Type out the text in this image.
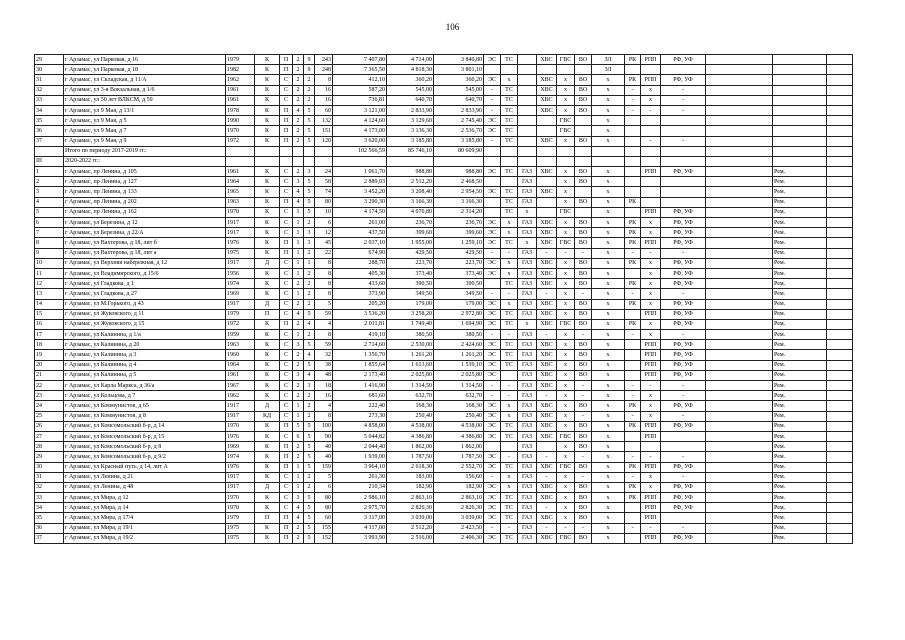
106
29	г Арзамас, ул Парковая, д 16	1979	К	П	2	9	243	7 407,80	4 714,00	3 840,80	ЭС	ТС		ХВС	ГВС	ВО	ЗЛ	РК	РПП	РФ, УФ			
30	г Арзамас, ул Парковая, д 18	1982	К	П	2	9	248	7 365,50	4 818,30	3 801,10							ЗЛ						
31	г Арзамас, ул Складская, д 11/А	1962	К	С	2	2	8	412,10	360,20	360,20	ЭС	х		ХВС	х	ВО	х	РК	РПП	РФ, УФ			
32	г Арзамас, ул 3-я Вокзальная, д 1/6	1961	К	С	2	2	16	587,20	545,00	545,00	-	ТС		ХВС	х	ВО	х	-	х	-			
33	г Арзамас, ул 50 лет ВЛКСМ, д 59	1961	К	С	2	2	16	736,81	640,70	640,70	-	ТС		ХВС	х	ВО	х	-	х	-			
34	г Арзамас, ул 9 Мая, д 13/1	1978	К	П	4	5	60	3 121,00	2 833,90	2 833,90	-	ТС		ХВС	х	ВО	х	-	-	-			
35	г Арзамас, ул 9 Мая, д 5	1990	К	П	2	5	132	4 124,60	3 129,60	2 745,40	ЭС	ТС			ГВС		х						
36	г Арзамас, ул 9 Мая, д 7	1970	К	П	2	5	151	4 173,00	3 136,30	2 536,70	ЭС	ТС			ГВС		х						
37	г Арзамас, ул 9 Мая, д 9	1972	К	П	2	5	120	3 620,00	3 185,80	3 185,80	-	ТС		ХВС	х	ВО	х		-	-			
	Итого по периоду 2017-2019 гг.:							102 566,59	85 746,10	80 609,90													
III	2020-2022 гг.:																						
1	г Арзамас, пр Ленина, д 105	1961	К	С	2	3	24	1 061,70	988,80	988,80	ЭС	ТС	ГАЗ	ХВС	х	ВО	х		РПП	РФ, УФ		Рем.	
2	г Арзамас, пр Ленина, д 127	1964	К	С	3	5	58	2 889,03	2 512,20	2 468,50			ГАЗ		х	ВО	х					Рем.	
3	г Арзамас, пр Ленина, д 133	1965	К	С	4	5	74	3 452,20	3 208,40	2 954,50	ЭС	ТС	ГАЗ	ХВС	х		х					Рем.	
4	г Арзамас, пр Ленина, д 202	1963	К	П	4	5	80	3 290,30	3 166,30	3 166,30		ТС	ГАЗ		х	ВО	х	РК				Рем.	
5	г Арзамас, пр Ленина, д 162	1970	К	С	1	5	10	4 174,50	4 070,80	2 314,20		ТС	х		ГВС		х		РПП	РФ, УФ		Рем.	
6	г Арзамас, ул Березина, д 12	1917	К	С	1	2	6	261,00	236,70	236,70	ЭС	х	ГАЗ	ХВС	х	ВО	х	РК	х	РФ, УФ		Рем.	
7	г Арзамас, ул Березина, д 22/А	1917	К	С	1	3	12	437,50	399,60	399,60	ЭС	х	ГАЗ	ХВС	х	ВО	х	РК	х	РФ, УФ		Рем.	
8	г Арзамас, ул Вахтерова, д 18, лит б	1976	К	П	1	3	45	2 037,10	1 955,00	1 259,10	ЭС	ТС	х	ХВС	ГВС	ВО	х	РК	РПП	РФ, УФ		Рем.	
9	г Арзамас, ул Вахтерова, д 18, лит а	1975	К	П	1	2	22	674,90	429,50	429,50	-	-	ГАЗ	-	-	-	х	-	-	-		Рем.	
10	г Арзамас, ул Верхняя набережная, д 12	1917	Д	С	1	1	8	288,70	223,70	223,70	ЭС	х	ГАЗ	ХВС	х	ВО	х	РК	х	РФ, УФ		Рем.	
11	г Арзамас, ул Владимирского, д 15/6	1956	К	С	1	2	8	405,30	373,40	373,40	ЭС	х	ГАЗ	ХВС	х	ВО	х		х	РФ, УФ		Рем.	
12	г Арзамас, ул Гладкова, д 1	1974	К	С	2	2	8	433,60	390,50	390,50		ТС	ГАЗ	ХВС	х	ВО	х	РК	х	РФ, УФ		Рем.	
13	г Арзамас, ул Гладкова, д 27	1969	К	С	1	2	8	373,90	349,50	349,50	-	-	ГАЗ	-	х	-	х	-	х	-		Рем.	
14	г Арзамас, ул М.Горького, д 43	1917	Д	С	2	2	5	205,20	179,00	179,00	ЭС	х	ГАЗ	ХВС	х	ВО	х	РК	х	РФ, УФ		Рем.	
15	г Арзамас, ул Жуковского, д 11	1979	П	С	4	5	59	3 536,20	3 258,20	2 972,80	ЭС	ТС	ГАЗ	ХВС	х	ВО	х		РПП	РФ, УФ		Рем.	
16	г Арзамас, ул Жуковского, д 15	1972	К	П	2	4	4	2 011,81	1 749,40	1 694,90	ЭС	ТС	х	ХВС	ГВС	ВО	х	РК	х	РФ, УФ		Рем.	
17	г Арзамас, ул Калинина, д 1/а	1959	К	С	1	2	8	419,10	380,50	380,50	-	-	ГАЗ	-	х	-	х	-	х	-		Рем.	
18	г Арзамас, ул Калинина, д 20	1963	К	С	3	5	59	2 714,60	2 530,00	2 424,60	ЭС	ТС	ГАЗ	ХВС	х	ВО	х		РПП	РФ, УФ		Рем.	
19	г Арзамас, ул Калинина, д 3	1960	К	С	2	4	32	1 356,70	1 261,20	1 261,20	ЭС	ТС	ГАЗ	ХВС	х	ВО	х		РПП	РФ, УФ		Рем.	
20	г Арзамас, ул Калинина, д 4	1964	К	С	2	5	38	1 855,64	1 613,60	1 539,10	ЭС	ТС	ГАЗ	ХВС	х	ВО	х		РПП	РФ, УФ		Рем.	
21	г Арзамас, ул Калинина, д 5	1961	К	С	3	4	48	2 173,40	2 025,80	2 025,80	ЭС		ГАЗ	ХВС	х	ВО	х		РПП	РФ, УФ		Рем.	
22	г Арзамас, ул Карла Маркса, д 36/а	1967	К	С	2	3	18	1 416,90	1 314,50	1 314,50	-	-	ГАЗ	ХВС	х	-	х	-	-	-		Рем.	
23	г Арзамас, ул Кольцова, д 7	1962	К	С	2	2	16	681,60	632,70	632,70	-	-	ГАЗ	-	х	-	х	-	х	-		Рем.	
24	г Арзамас, ул Коммунистов, д 65	1917	Д	С	1	2	4	222,40	168,30	168,30	ЭС	х	ГАЗ	ХВС	х	ВО	х	РК	х	РФ, УФ		Рем.	
25	г Арзамас, ул Коммунистов, д 8	1917	КД	С	1	2	8	273,30	250,40	250,40	ЭС	х	ГАЗ	ХВС	х	-	х	-	х	-		Рем.	
26	г Арзамас, ул Комсомольский б-р, д 14	1970	К	П	5	5	100	4 858,00	4 538,00	4 538,00	ЭС	ТС	ГАЗ	ХВС	х	ВО	х	РК	РПП	РФ, УФ		Рем.	
27	г Арзамас, ул Комсомольский б-р, д 15	1976	К	С	6	5	90	5 044,82	4 386,80	4 386,80	ЭС	ТС	ГАЗ	ХВС	ГВС	ВО	х		РПП			Рем.	
28	г Арзамас, ул Комсомольский б-р, д 8	1969	К	П	2	5	40	2 044,40	1 862,00	1 862,00			ГАЗ		х	ВО	х					Рем.	
29	г Арзамас, ул Комсомольский б-р, д 9/2	1974	К	П	2	5	40	1 939,00	1 787,50	1 787,50	ЭС	-	ГАЗ	-	х	-	х	-	-	-		Рем.	
30	г Арзамас, ул Красный путь, д 14, лит А	1976	К	П	1	5	159	3 964,10	2 618,30	2 552,70	ЭС	ТС	ГАЗ	ХВС	ГВС	ВО	х	РК	РПП	РФ, УФ		Рем.	
31	г Арзамас, ул Ленина, д 21	1917	К	С	1	2	5	261,30	183,00	156,60	-	х	ГАЗ	-	х	-	х	-	х	-		Рем.	
32	г Арзамас, ул Ленина, д 48	1917	Д	С	1	2	6	210,34	182,90	182,90	ЭС	х	ГАЗ	ХВС	х	ВО	х	РК	х	РФ, УФ		Рем.	
33	г Арзамас, ул Мира, д 12	1970	К	С	3	5	80	2 986,10	2 863,10	2 863,10	ЭС	ТС	ГАЗ	ХВС	х	ВО	х	РК	РПП	РФ, УФ		Рем.	
34	г Арзамас, ул Мира, д 14	1970	К	С	4	5	80	2 975,70	2 826,30	2 826,30	ЭС	ТС	ГАЗ	-	х	ВО	х		РПП	РФ, УФ		Рем.	
35	г Арзамас, ул Мира, д 17/4	1979	П	П	4	5	60	3 317,00	3 039,00	3 039,00	ЭС	ТС	ГАЗ	ХВС	х	ВО	х		РПП			Рем.	
36	г Арзамас, ул Мира, д 19/1	1975	К	П	2	5	155	4 117,00	2 512,20	2 423,50	-	-	ГАЗ	-	-	-	х	-	-	-		Рем.	
37	г Арзамас, ул Мира, д 19/2	1975	К	П	2	5	152	3 993,90	2 516,00	2 406,30	ЭС	ТС	ГАЗ	ХВС	ГВС	ВО	х		РПП	РФ, УФ		Рем.	
